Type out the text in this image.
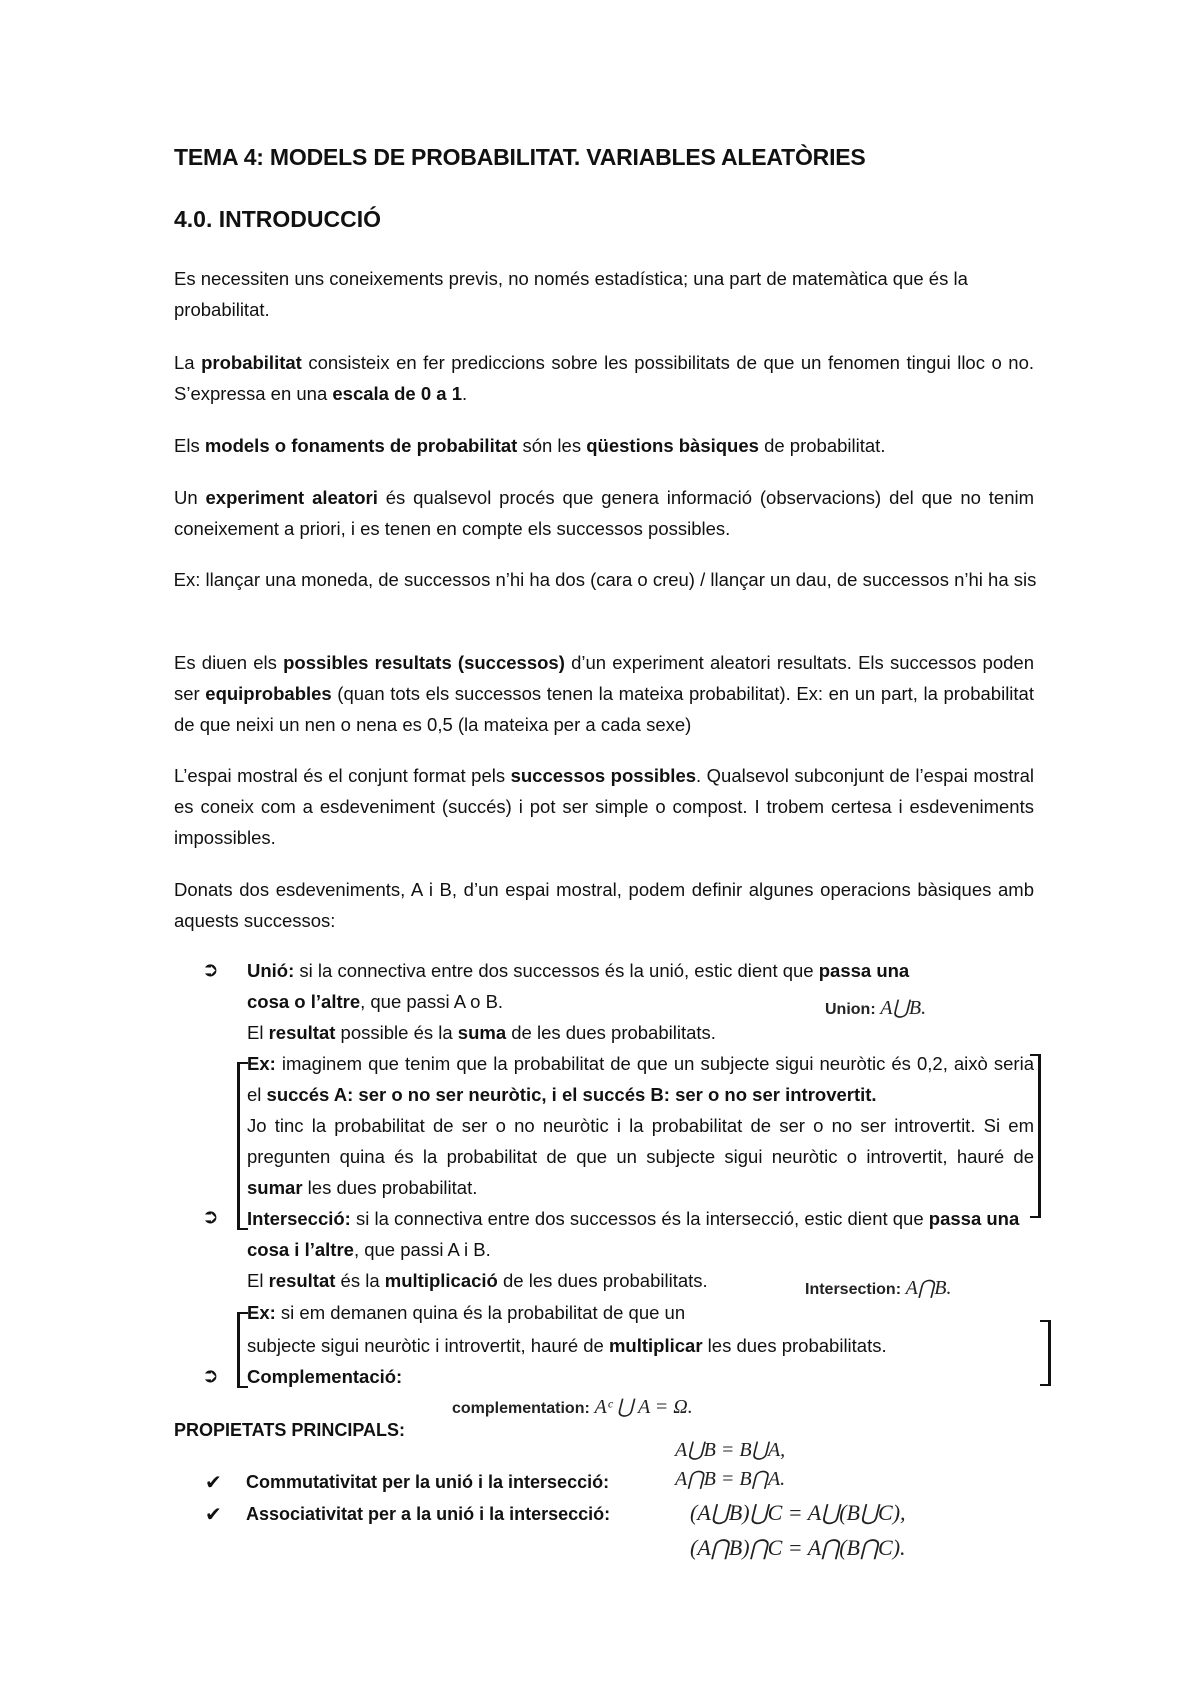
TEMA 4: MODELS DE PROBABILITAT. VARIABLES ALEATÒRIES
4.0. INTRODUCCIÓ
Es necessiten uns coneixements previs, no només estadística; una part de matemàtica que és la probabilitat.
La probabilitat consisteix en fer prediccions sobre les possibilitats de que un fenomen tingui lloc o no. S’expressa en una escala de 0 a 1.
Els models o fonaments de probabilitat són les qüestions bàsiques de probabilitat.
Un experiment aleatori és qualsevol procés que genera informació (observacions) del que no tenim coneixement a priori, i es tenen en compte els successos possibles.
Ex: llançar una moneda, de successos n’hi ha dos (cara o creu) / llançar un dau, de successos n’hi ha sis
Es diuen els possibles resultats (successos) d’un experiment aleatori resultats. Els successos poden ser equiprobables (quan tots els successos tenen la mateixa probabilitat). Ex: en un part, la probabilitat de que neixi un nen o nena es 0,5 (la mateixa per a cada sexe)
L’espai mostral és el conjunt format pels successos possibles. Qualsevol subconjunt de l’espai mostral es coneix com a esdeveniment (succés) i pot ser simple o compost. I trobem certesa i esdeveniments impossibles.
Donats dos esdeveniments, A i B, d’un espai mostral, podem definir algunes operacions bàsiques amb aquests successos:
➲ Unió: si la connectiva entre dos successos és la unió, estic dient que passa una cosa o l’altre, que passi A o B.	Union: A⋃B.
El resultat possible és la suma de les dues probabilitats.
Ex: imaginem que tenim que la probabilitat de que un subjecte sigui neuròtic és 0,2, això seria el succés A: ser o no ser neuròtic, i el succés B: ser o no ser introvertit.
Jo tinc la probabilitat de ser o no neuròtic i la probabilitat de ser o no ser introvertit. Si em pregunten quina és la probabilitat de que un subjecte sigui neuròtic o introvertit, hauré de sumar les dues probabilitat.
➲ Intersecció: si la connectiva entre dos successos és la intersecció, estic dient que passa una cosa i l’altre, que passi A i B.
El resultat és la multiplicació de les dues probabilitats.	Intersection: A⋂B.
Ex: si em demanen quina és la probabilitat de que un
subjecte sigui neuròtic i introvertit, hauré de multiplicar les dues probabilitats.
➲ Complementació:
complementation: Aᶜ ⋃ A = Ω.
PROPIETATS PRINCIPALS:
A⋃B = B⋃A,
A⋂B = B⋂A.
✔ Commutativitat per la unió i la intersecció:
✔ Associativitat per a la unió i la intersecció:	(A⋃B)⋃C = A⋃(B⋃C),
(A⋂B)⋂C = A⋂(B⋂C).
